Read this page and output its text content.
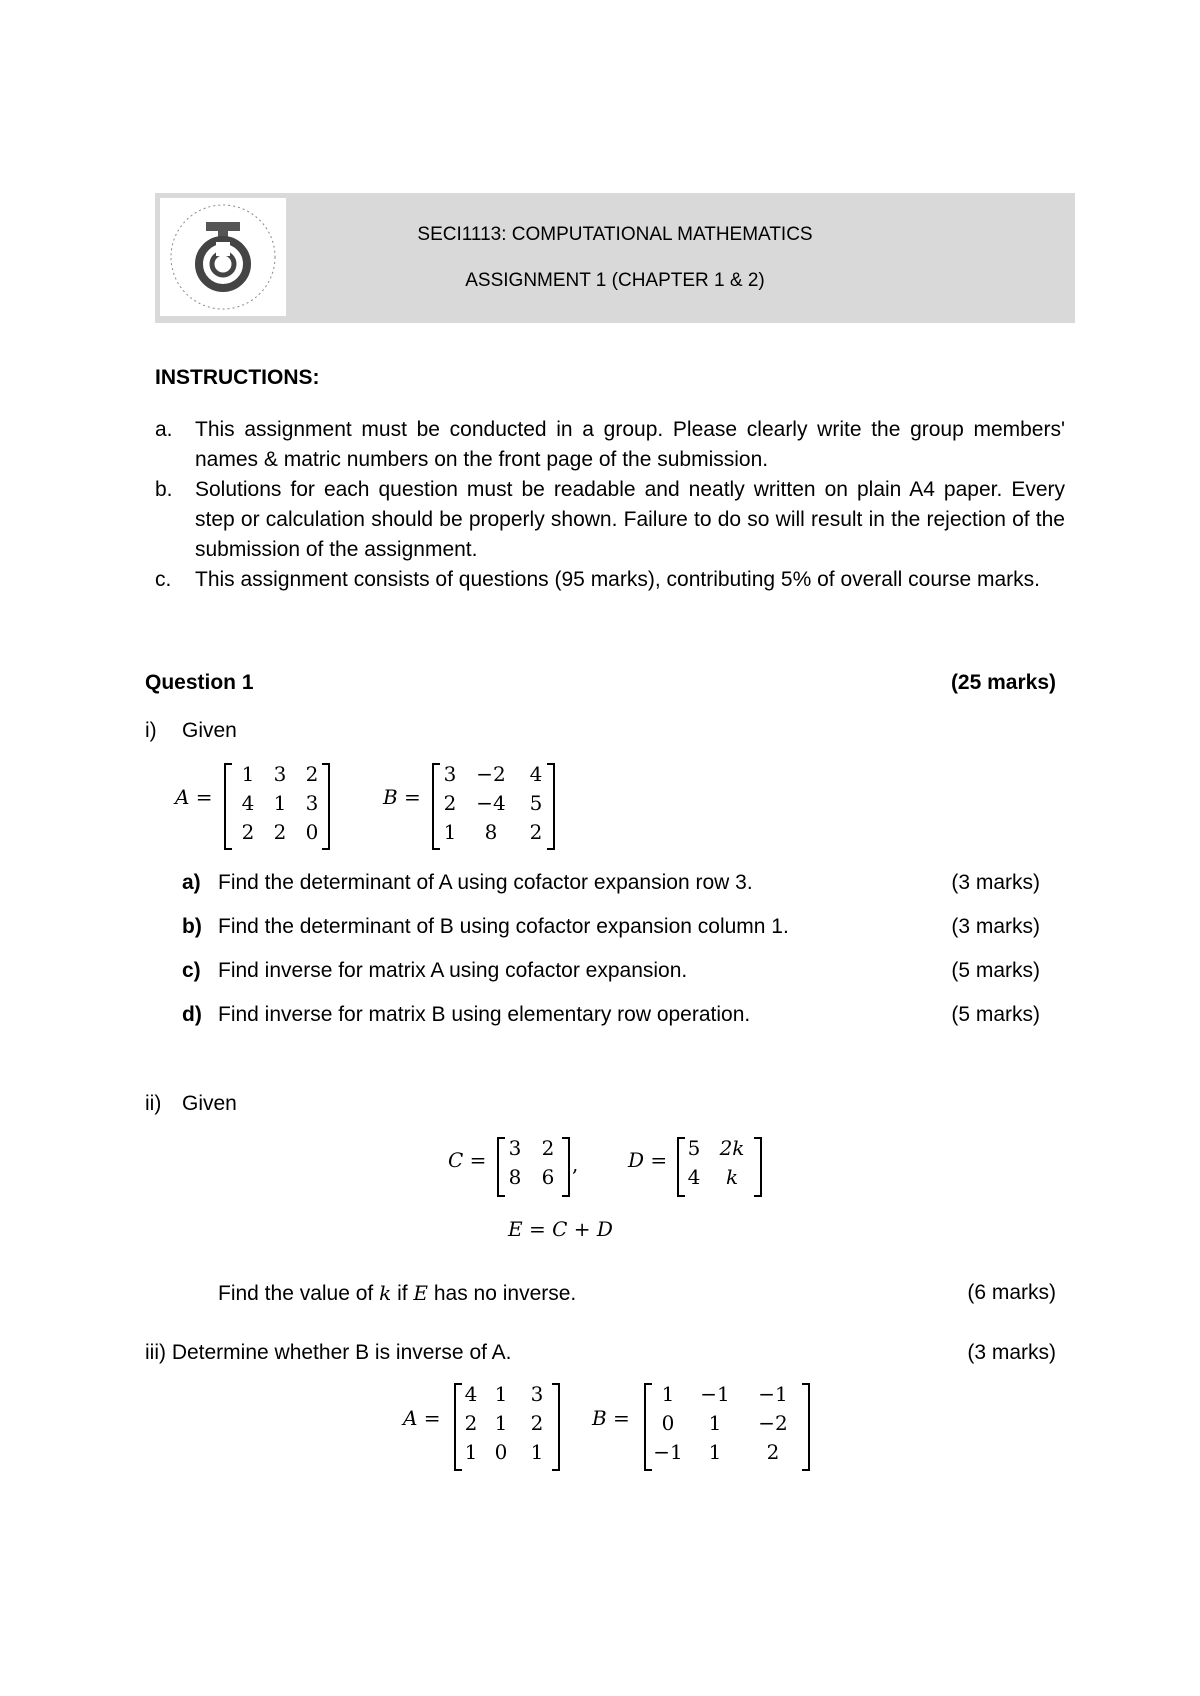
SECI1113: COMPUTATIONAL MATHEMATICS
ASSIGNMENT 1 (CHAPTER 1 & 2)
INSTRUCTIONS:
a. This assignment must be conducted in a group. Please clearly write the group members' names & matric numbers on the front page of the submission.
b. Solutions for each question must be readable and neatly written on plain A4 paper. Every step or calculation should be properly shown. Failure to do so will result in the rejection of the submission of the assignment.
c. This assignment consists of questions (95 marks), contributing 5% of overall course marks.
Question 1	(25 marks)
i) Given
A =
1 3 2
4 1 3
2 2 0
B =
3 −2	4
2 −4	5
1	8	2
a) Find the determinant of A using cofactor expansion row 3.	(3 marks)
b) Find the determinant of B using cofactor expansion column 1.	(3 marks)
c) Find inverse for matrix A using cofactor expansion.	(5 marks)
d) Find inverse for matrix B using elementary row operation.	(5 marks)
ii) Given
C = 3	2
8	6
, D = 5 2k
4	k
E = C + D
Find the value of k if E has no inverse.	(6 marks)
iii) Determine whether B is inverse of A.	(3 marks)
A =
4 1	3
2 1	2
1 0	1
B =
1	−1	−1
0	1	−2
−1	1	2
